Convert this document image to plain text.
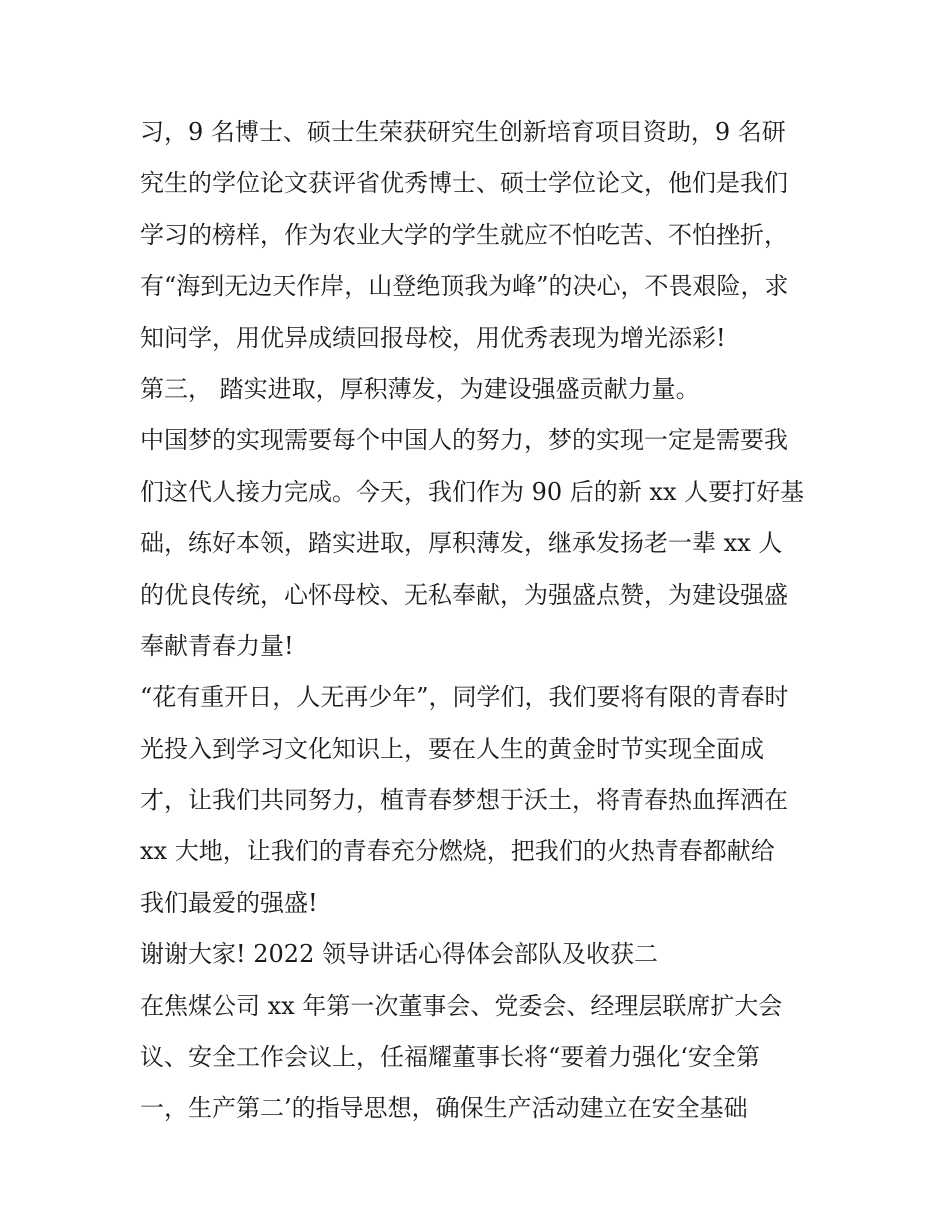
习，9 名博士、硕士生荣获研究生创新培育项目资助，9 名研
究生的学位论文获评省优秀博士、硕士学位论文，他们是我们
学习的榜样，作为农业大学的学生就应不怕吃苦、不怕挫折，
有“海到无边天作岸，山登绝顶我为峰”的决心，不畏艰险，求
知问学，用优异成绩回报母校，用优秀表现为增光添彩!
第三， 踏实进取，厚积薄发，为建设强盛贡献力量。
中国梦的实现需要每个中国人的努力，梦的实现一定是需要我
们这代人接力完成。今天，我们作为 90 后的新 xx 人要打好基
础，练好本领，踏实进取，厚积薄发，继承发扬老一辈 xx 人
的优良传统，心怀母校、无私奉献，为强盛点赞，为建设强盛
奉献青春力量!
“花有重开日，人无再少年”，同学们，我们要将有限的青春时
光投入到学习文化知识上，要在人生的黄金时节实现全面成
才，让我们共同努力，植青春梦想于沃土，将青春热血挥洒在
xx 大地，让我们的青春充分燃烧，把我们的火热青春都献给
我们最爱的强盛!
谢谢大家! 2022 领导讲话心得体会部队及收获二
在焦煤公司 xx 年第一次董事会、党委会、经理层联席扩大会
议、安全工作会议上，任福耀董事长将“要着力强化‘安全第
一，生产第二’的指导思想，确保生产活动建立在安全基础
